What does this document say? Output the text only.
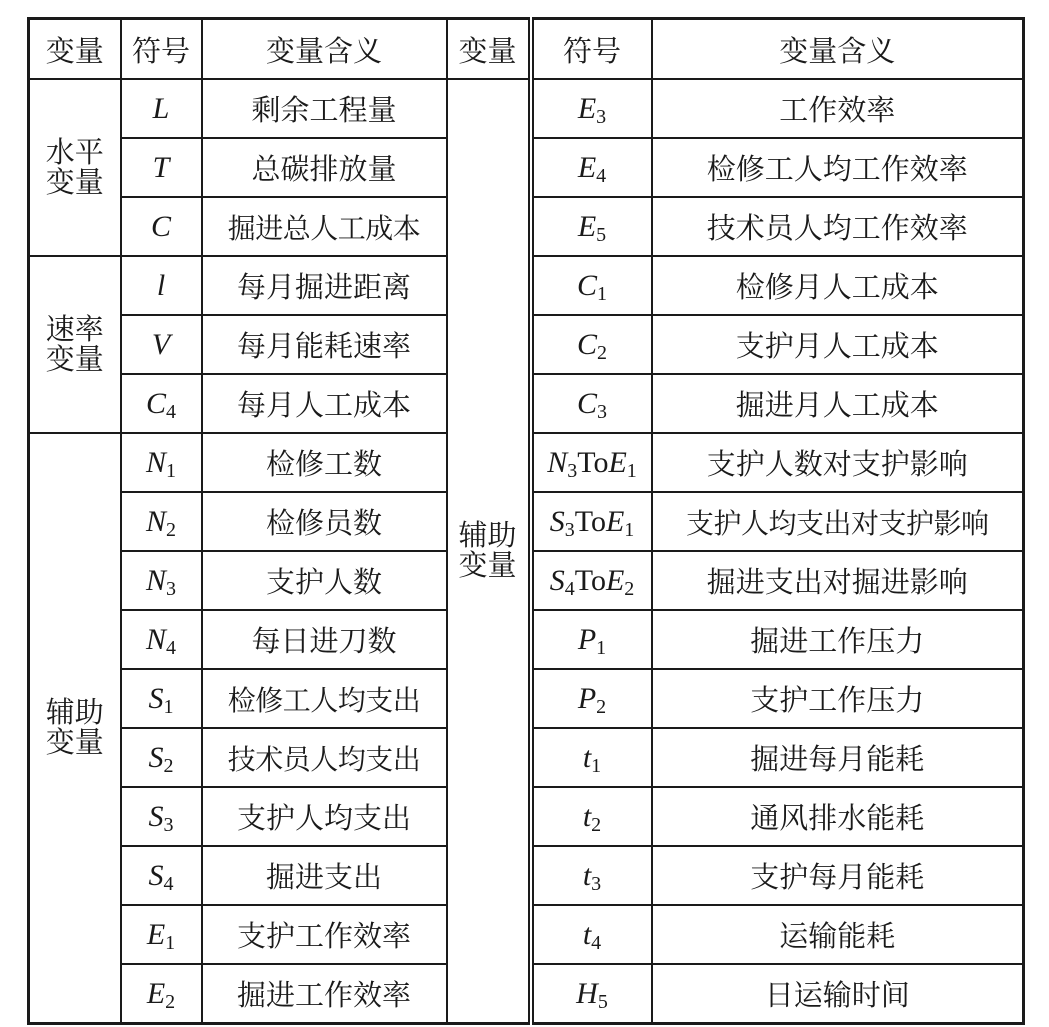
变量	符号	变量含义	变量	符号	变量含义
水平变量	L	剩余工程量	辅助变量	$E_3$	工作效率
	T	总碳排放量		$E_4$	检修工人均工作效率
	C	掘进总人工成本		$E_5$	技术员人均工作效率
速率变量	l	每月掘进距离		$C_1$	检修月人工成本
	V	每月能耗速率		$C_2$	支护月人工成本
	$C_4$	每月人工成本		$C_3$	掘进月人工成本
辅助变量	$N_1$	检修工数		$N_3ToE_1$	支护人数对支护影响
	$N_2$	检修员数		$S_3ToE_1$	支护人均支出对支护影响
	$N_3$	支护人数		$S_4ToE_2$	掘进支出对掘进影响
	$N_4$	每日进刀数		$P_1$	掘进工作压力
	$S_1$	检修工人均支出		$P_2$	支护工作压力
	$S_2$	技术员人均支出		$t_1$	掘进每月能耗
	$S_3$	支护人均支出		$t_2$	通风排水能耗
	$S_4$	掘进支出		$t_3$	支护每月能耗
	$E_1$	支护工作效率		$t_4$	运输能耗
	$E_2$	掘进工作效率		$H_5$	日运输时间
